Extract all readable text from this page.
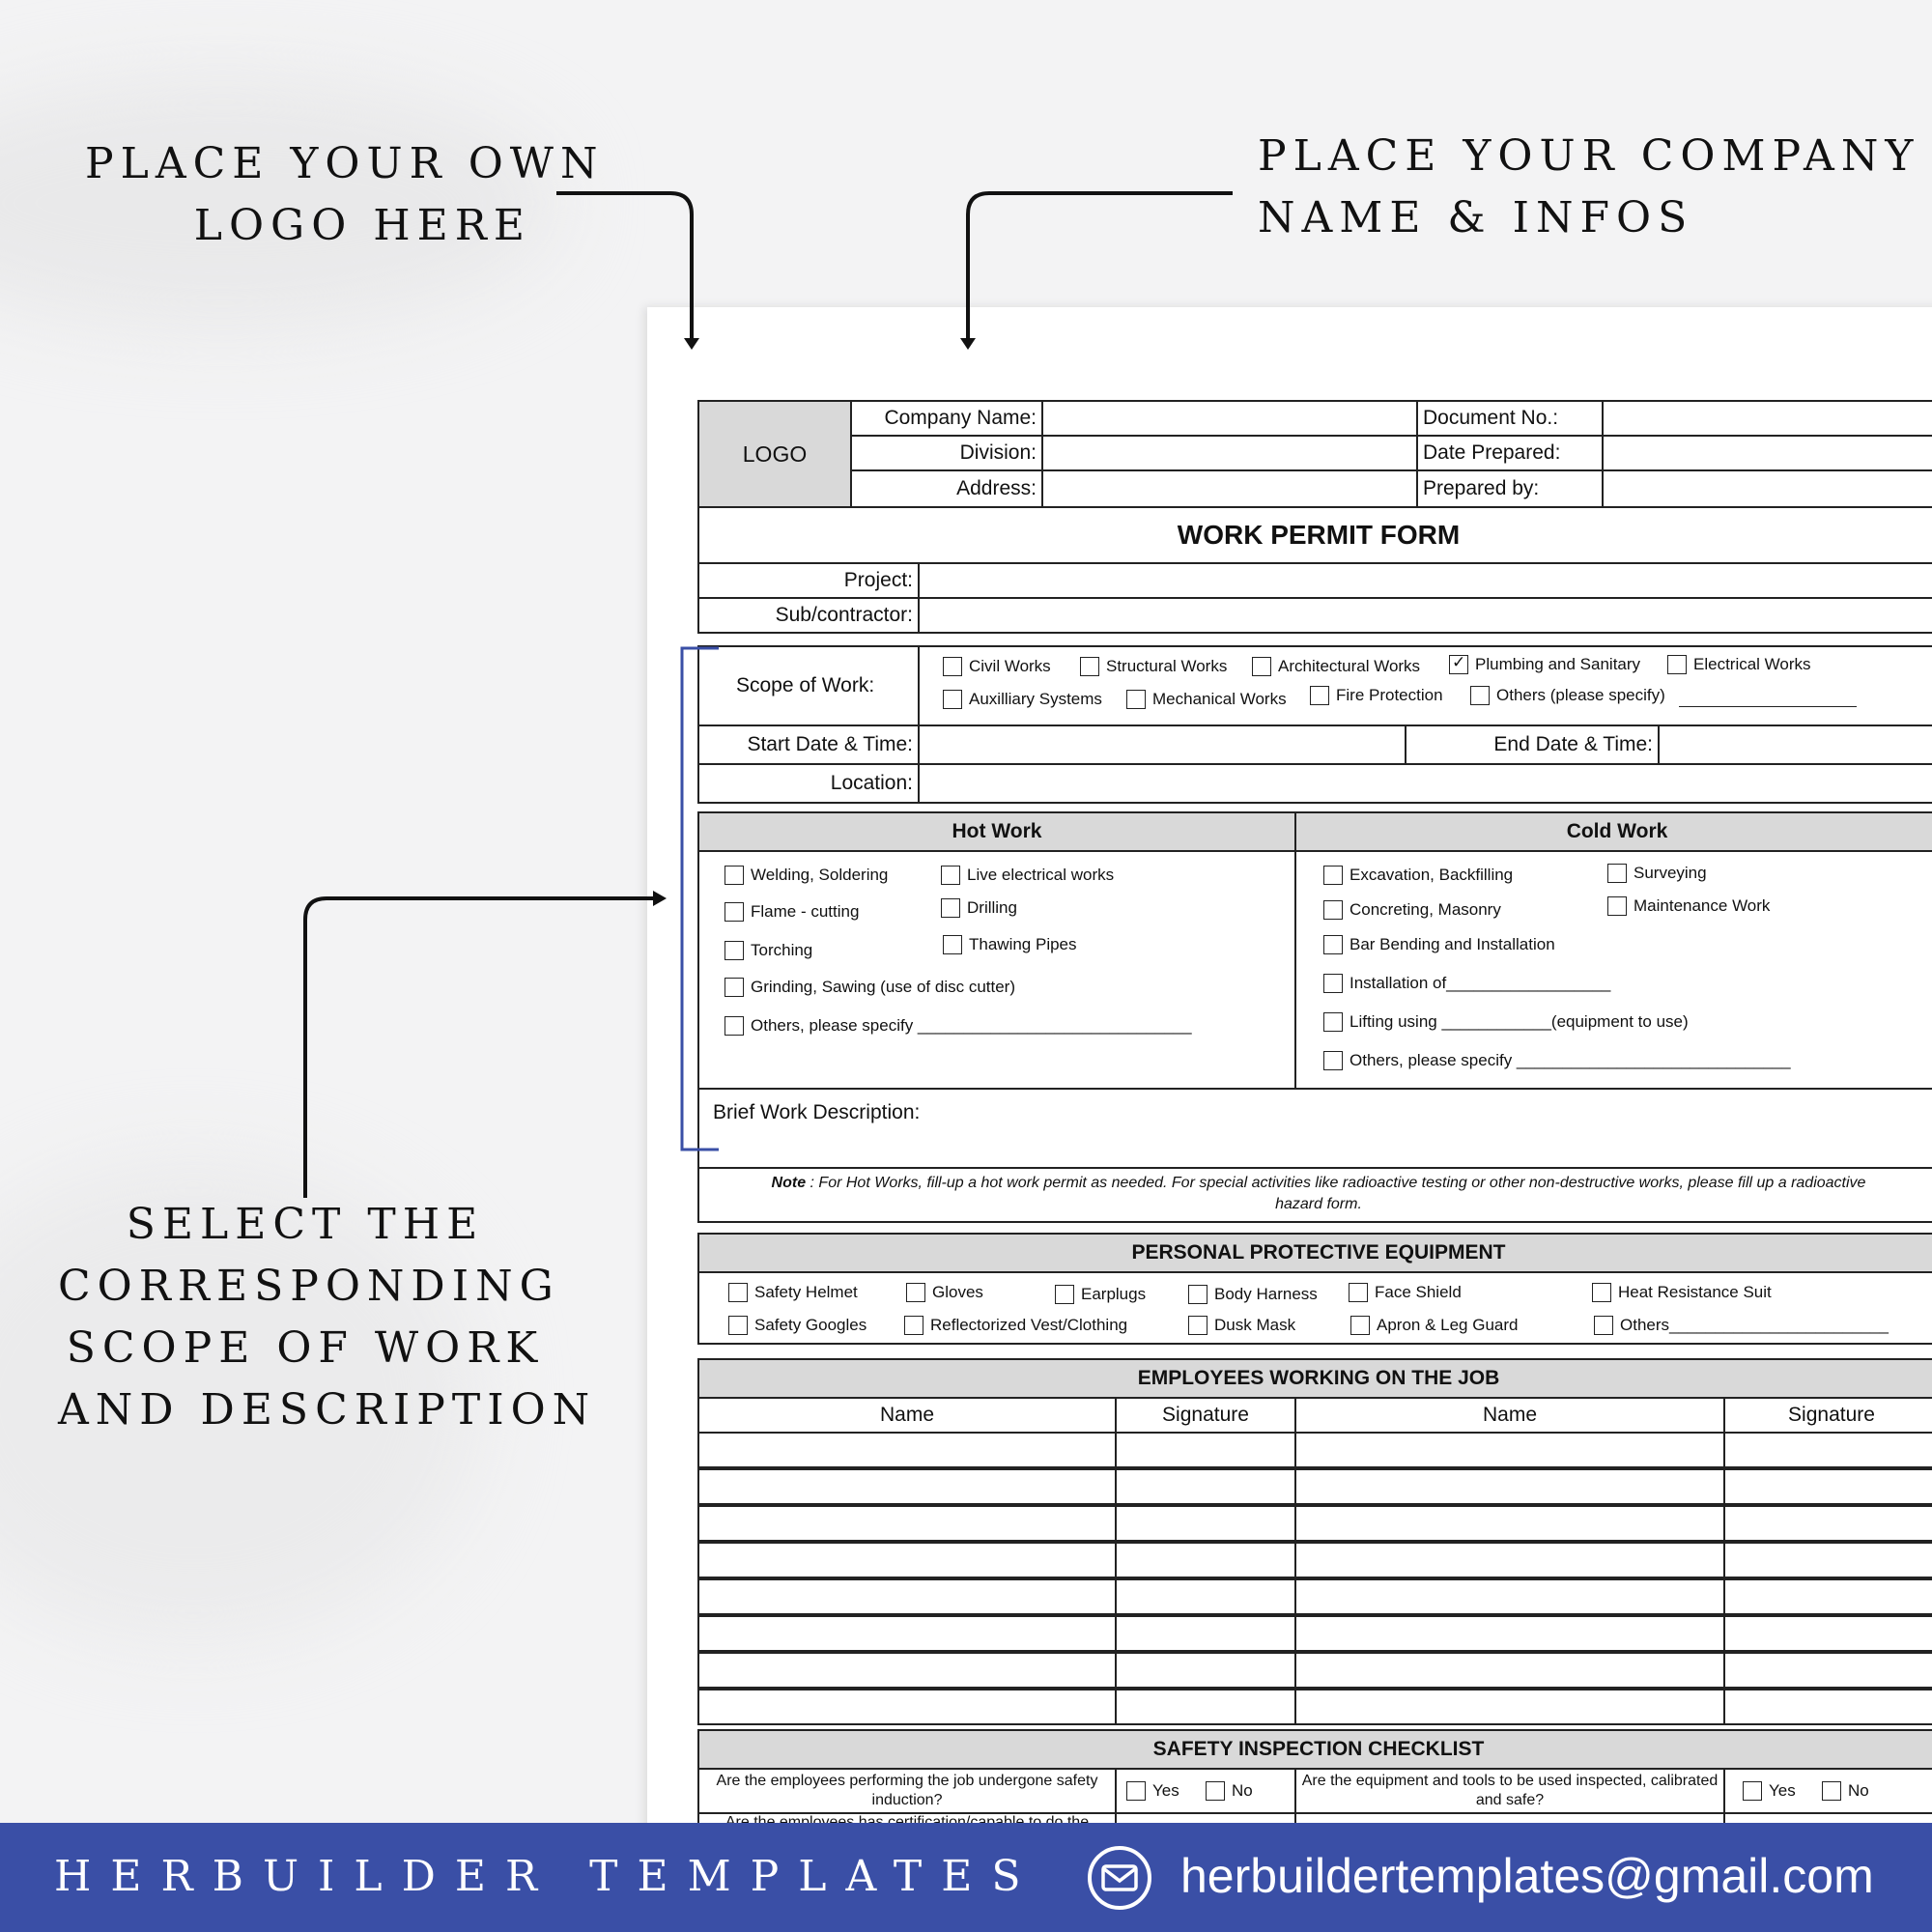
PLACE YOUR OWN
LOGO HERE
PLACE YOUR COMPANY
NAME & INFOS
SELECT THE
CORRESPONDING
SCOPE OF WORK
AND DESCRIPTION
LOGO
Company Name:	Document No.:
Division:	Date Prepared:
Address:	Prepared by:
WORK PERMIT FORM
Project:
Sub/contractor:
Scope of Work:
Civil Works	Structural Works	Architectural Works
✓	Plumbing and Sanitary	Electrical Works
Auxilliary Systems	Mechanical Works	Fire Protection	Others (please specify)
Start Date & Time:	End Date & Time:
Location:
Hot Work	Cold Work
Welding, Soldering	Live electrical works
Flame - cutting	Drilling
Torching	Thawing Pipes
Grinding, Sawing (use of disc cutter)
Others, please specify ______________________________
Excavation, Backfilling	Surveying
Concreting, Masonry	Maintenance Work
Bar Bending and Installation
Installation of__________________
Lifting using ____________(equipment to use)
Others, please specify ______________________________
Brief Work Description:
Note : For Hot Works, fill-up a hot work permit as needed. For special activities like radioactive testing or other non-destructive works, please fill up a radioactive
hazard form.
PERSONAL PROTECTIVE EQUIPMENT
Safety Helmet	Gloves	Earplugs	Body Harness	Face Shield	Heat Resistance Suit
Safety Googles	Reflectorized Vest/Clothing	Dusk Mask	Apron & Leg Guard	Others________________________
EMPLOYEES WORKING ON THE JOB
Name	Signature	Name	Signature
SAFETY INSPECTION CHECKLIST
Are the employees performing the job undergone safety induction?
Yes	No
Are the equipment and tools to be used inspected, calibrated and safe?
Yes	No
HERBUILDER TEMPLATES	herbuildertemplates@gmail.com
